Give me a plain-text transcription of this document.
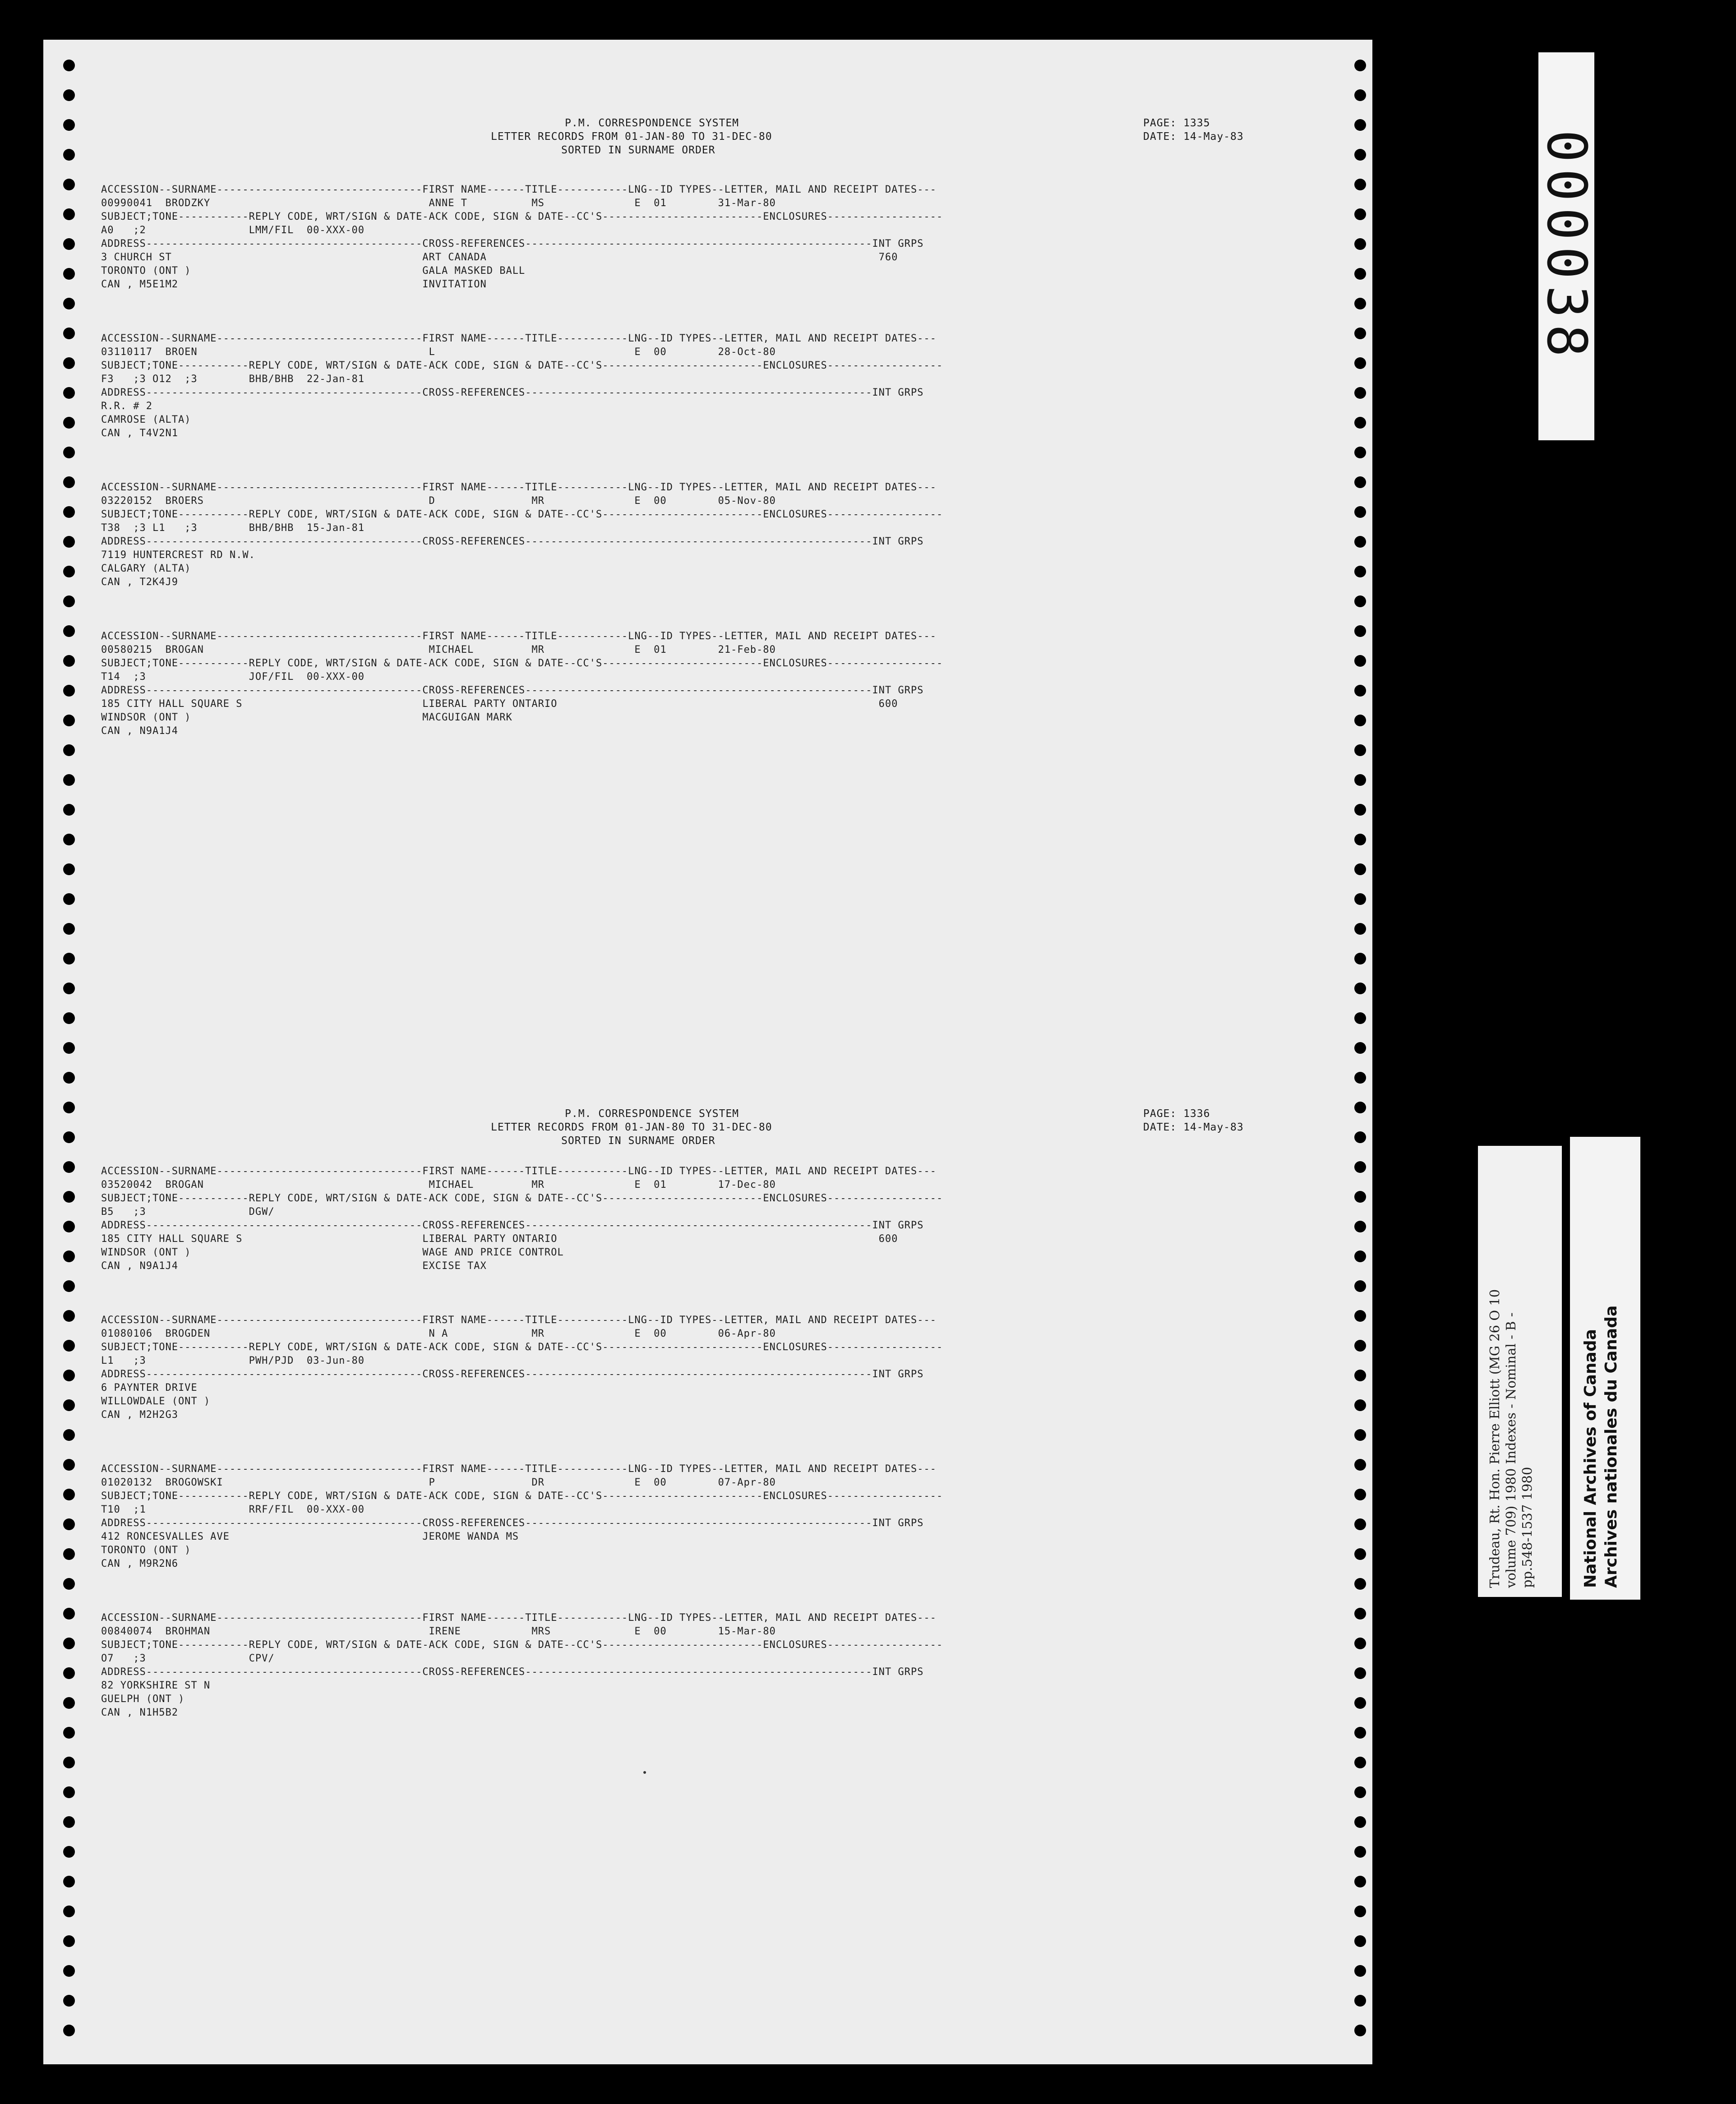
P.M. CORRESPONDENCE SYSTEM
LETTER RECORDS FROM 01-JAN-80 TO 31-DEC-80
SORTED IN SURNAME ORDER
PAGE: 1335
DATE: 14-May-83
ACCESSION--SURNAME--------------------------------FIRST NAME------TITLE-----------LNG--ID TYPES--LETTER, MAIL AND RECEIPT DATES---
00990041  BRODZKY                                  ANNE T          MS              E  01        31-Mar-80
SUBJECT;TONE-----------REPLY CODE, WRT/SIGN & DATE-ACK CODE, SIGN & DATE--CC'S-------------------------ENCLOSURES------------------
A0   ;2                LMM/FIL  00-XXX-00
ADDRESS-------------------------------------------CROSS-REFERENCES------------------------------------------------------INT GRPS
3 CHURCH ST                                       ART CANADA                                                             760
TORONTO (ONT )                                    GALA MASKED BALL
CAN , M5E1M2                                      INVITATION
ACCESSION--SURNAME--------------------------------FIRST NAME------TITLE-----------LNG--ID TYPES--LETTER, MAIL AND RECEIPT DATES---
03110117  BROEN                                    L                               E  00        28-Oct-80
SUBJECT;TONE-----------REPLY CODE, WRT/SIGN & DATE-ACK CODE, SIGN & DATE--CC'S-------------------------ENCLOSURES------------------
F3   ;3 O12  ;3        BHB/BHB  22-Jan-81
ADDRESS-------------------------------------------CROSS-REFERENCES------------------------------------------------------INT GRPS
R.R. # 2
CAMROSE (ALTA)
CAN , T4V2N1
ACCESSION--SURNAME--------------------------------FIRST NAME------TITLE-----------LNG--ID TYPES--LETTER, MAIL AND RECEIPT DATES---
03220152  BROERS                                   D               MR              E  00        05-Nov-80
SUBJECT;TONE-----------REPLY CODE, WRT/SIGN & DATE-ACK CODE, SIGN & DATE--CC'S-------------------------ENCLOSURES------------------
T38  ;3 L1   ;3        BHB/BHB  15-Jan-81
ADDRESS-------------------------------------------CROSS-REFERENCES------------------------------------------------------INT GRPS
7119 HUNTERCREST RD N.W.
CALGARY (ALTA)
CAN , T2K4J9
ACCESSION--SURNAME--------------------------------FIRST NAME------TITLE-----------LNG--ID TYPES--LETTER, MAIL AND RECEIPT DATES---
00580215  BROGAN                                   MICHAEL         MR              E  01        21-Feb-80
SUBJECT;TONE-----------REPLY CODE, WRT/SIGN & DATE-ACK CODE, SIGN & DATE--CC'S-------------------------ENCLOSURES------------------
T14  ;3                JOF/FIL  00-XXX-00
ADDRESS-------------------------------------------CROSS-REFERENCES------------------------------------------------------INT GRPS
185 CITY HALL SQUARE S                            LIBERAL PARTY ONTARIO                                                  600
WINDSOR (ONT )                                    MACGUIGAN MARK
CAN , N9A1J4
P.M. CORRESPONDENCE SYSTEM
LETTER RECORDS FROM 01-JAN-80 TO 31-DEC-80
SORTED IN SURNAME ORDER
PAGE: 1336
DATE: 14-May-83
ACCESSION--SURNAME--------------------------------FIRST NAME------TITLE-----------LNG--ID TYPES--LETTER, MAIL AND RECEIPT DATES---
03520042  BROGAN                                   MICHAEL         MR              E  01        17-Dec-80
SUBJECT;TONE-----------REPLY CODE, WRT/SIGN & DATE-ACK CODE, SIGN & DATE--CC'S-------------------------ENCLOSURES------------------
B5   ;3                DGW/
ADDRESS-------------------------------------------CROSS-REFERENCES------------------------------------------------------INT GRPS
185 CITY HALL SQUARE S                            LIBERAL PARTY ONTARIO                                                  600
WINDSOR (ONT )                                    WAGE AND PRICE CONTROL
CAN , N9A1J4                                      EXCISE TAX
ACCESSION--SURNAME--------------------------------FIRST NAME------TITLE-----------LNG--ID TYPES--LETTER, MAIL AND RECEIPT DATES---
01080106  BROGDEN                                  N A             MR              E  00        06-Apr-80
SUBJECT;TONE-----------REPLY CODE, WRT/SIGN & DATE-ACK CODE, SIGN & DATE--CC'S-------------------------ENCLOSURES------------------
L1   ;3                PWH/PJD  03-Jun-80
ADDRESS-------------------------------------------CROSS-REFERENCES------------------------------------------------------INT GRPS
6 PAYNTER DRIVE
WILLOWDALE (ONT )
CAN , M2H2G3
ACCESSION--SURNAME--------------------------------FIRST NAME------TITLE-----------LNG--ID TYPES--LETTER, MAIL AND RECEIPT DATES---
01020132  BROGOWSKI                                P               DR              E  00        07-Apr-80
SUBJECT;TONE-----------REPLY CODE, WRT/SIGN & DATE-ACK CODE, SIGN & DATE--CC'S-------------------------ENCLOSURES------------------
T10  ;1                RRF/FIL  00-XXX-00
ADDRESS-------------------------------------------CROSS-REFERENCES------------------------------------------------------INT GRPS
412 RONCESVALLES AVE                              JEROME WANDA MS
TORONTO (ONT )
CAN , M9R2N6
ACCESSION--SURNAME--------------------------------FIRST NAME------TITLE-----------LNG--ID TYPES--LETTER, MAIL AND RECEIPT DATES---
00840074  BROHMAN                                  IRENE           MRS             E  00        15-Mar-80
SUBJECT;TONE-----------REPLY CODE, WRT/SIGN & DATE-ACK CODE, SIGN & DATE--CC'S-------------------------ENCLOSURES------------------
O7   ;3                CPV/
ADDRESS-------------------------------------------CROSS-REFERENCES------------------------------------------------------INT GRPS
82 YORKSHIRE ST N
GUELPH (ONT )
CAN , N1H5B2
000038
Trudeau, Rt. Hon. Pierre Elliott (MG 26 O 10 volume 709) 1980 Indexes - Nominal - B - pp.548-1537 1980	National Archives of Canada Archives nationales du Canada
